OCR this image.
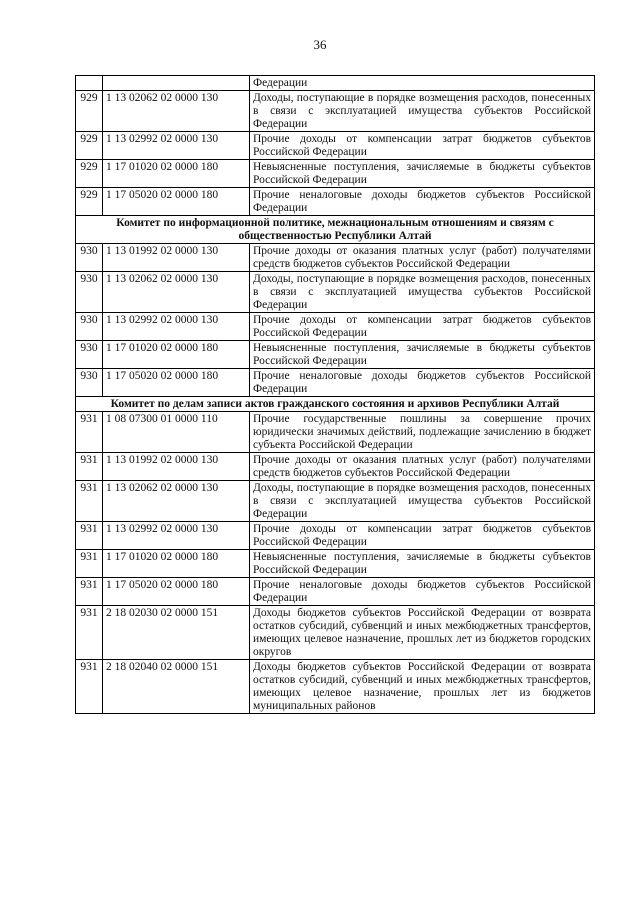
36
		Федерации
929	1 13 02062 02 0000 130	Доходы, поступающие в порядке возмещения расходов, понесенных в связи с эксплуатацией имущества субъектов Российской Федерации
929	1 13 02992 02 0000 130	Прочие доходы от компенсации затрат бюджетов субъектов Российской Федерации
929	1 17 01020 02 0000 180	Невыясненные поступления, зачисляемые в бюджеты субъектов Российской Федерации
929	1 17 05020 02 0000 180	Прочие неналоговые доходы бюджетов субъектов Российской Федерации
Комитет по информационной политике, межнациональным отношениям и связям с общественностью Республики Алтай		
930	1 13 01992 02 0000 130	Прочие доходы от оказания платных услуг (работ) получателями средств бюджетов субъектов Российской Федерации
930	1 13 02062 02 0000 130	Доходы, поступающие в порядке возмещения расходов, понесенных в связи с эксплуатацией имущества субъектов Российской Федерации
930	1 13 02992 02 0000 130	Прочие доходы от компенсации затрат бюджетов субъектов Российской Федерации
930	1 17 01020 02 0000 180	Невыясненные поступления, зачисляемые в бюджеты субъектов Российской Федерации
930	1 17 05020 02 0000 180	Прочие неналоговые доходы бюджетов субъектов Российской Федерации
Комитет по делам записи актов гражданского состояния и архивов Республики Алтай		
931	1 08 07300 01 0000 110	Прочие государственные пошлины за совершение прочих юридически значимых действий, подлежащие зачислению в бюджет субъекта Российской Федерации
931	1 13 01992 02 0000 130	Прочие доходы от оказания платных услуг (работ) получателями средств бюджетов субъектов Российской Федерации
931	1 13 02062 02 0000 130	Доходы, поступающие в порядке возмещения расходов, понесенных в связи с эксплуатацией имущества субъектов Российской Федерации
931	1 13 02992 02 0000 130	Прочие доходы от компенсации затрат бюджетов субъектов Российской Федерации
931	1 17 01020 02 0000 180	Невыясненные поступления, зачисляемые в бюджеты субъектов Российской Федерации
931	1 17 05020 02 0000 180	Прочие неналоговые доходы бюджетов субъектов Российской Федерации
931	2 18 02030 02 0000 151	Доходы бюджетов субъектов Российской Федерации от возврата остатков субсидий, субвенций и иных межбюджетных трансфертов, имеющих целевое назначение, прошлых лет из бюджетов городских округов
931	2 18 02040 02 0000 151	Доходы бюджетов субъектов Российской Федерации от возврата остатков субсидий, субвенций и иных межбюджетных трансфертов, имеющих целевое назначение, прошлых лет из бюджетов муниципальных районов
